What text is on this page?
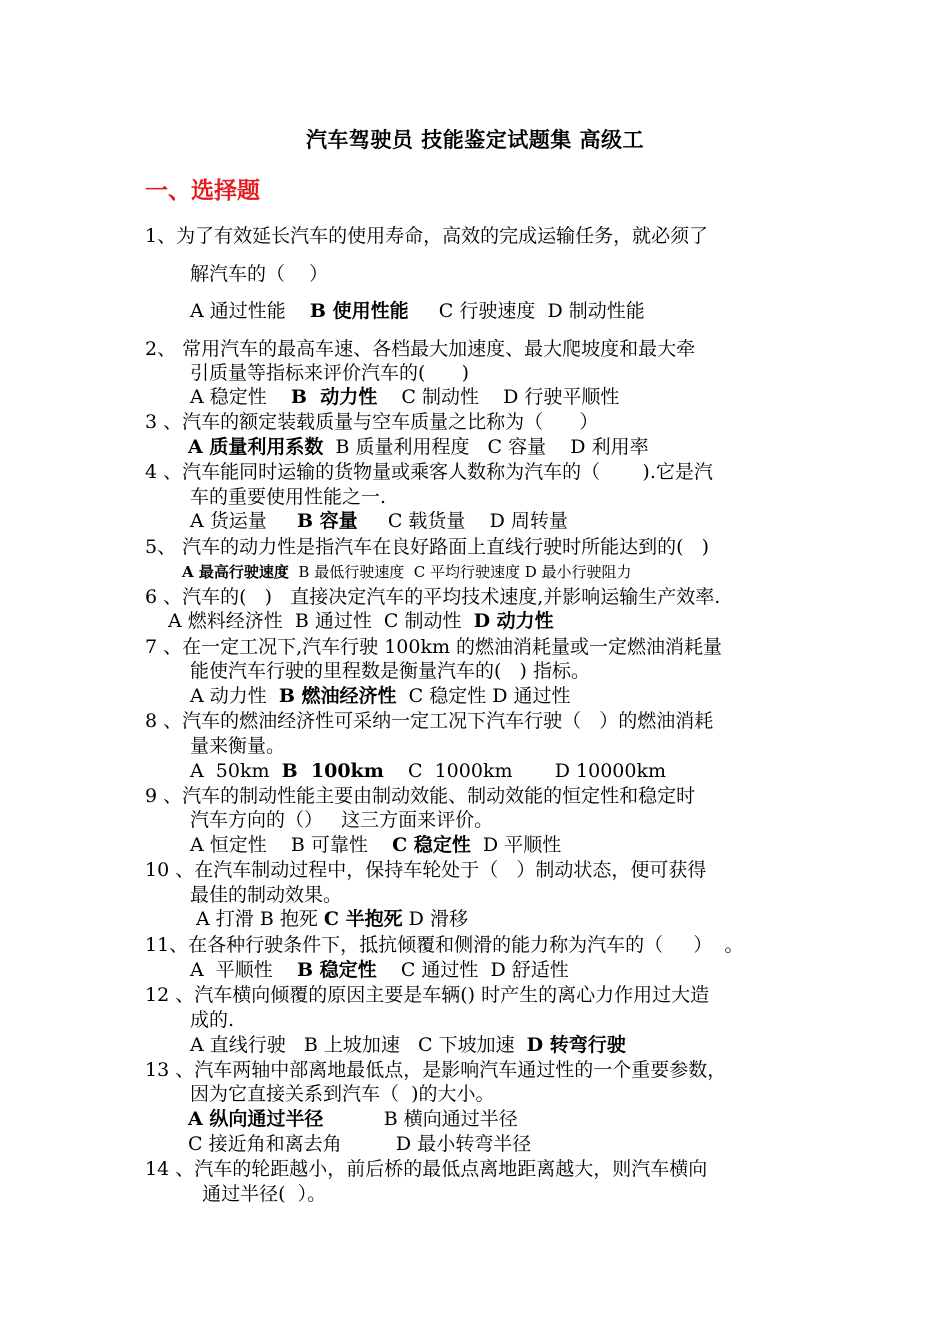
汽车驾驶员 技能鉴定试题集 高级工
一、选择题
1、为了有效延长汽车的使用寿命，高效的完成运输任务，就必须了
解汽车的（    ）
A 通过性能    B 使用性能     C 行驶速度  D 制动性能
2、 常用汽车的最高车速、各档最大加速度、最大爬坡度和最大牵
引质量等指标来评价汽车的(      )
A 稳定性    B  动力性    C 制动性    D 行驶平顺性
3 、汽车的额定装载质量与空车质量之比称为（      ）
A 质量利用系数  B 质量利用程度   C 容量    D 利用率
4 、汽车能同时运输的货物量或乘客人数称为汽车的（       ).它是汽
车的重要使用性能之一.
A 货运量     B 容量     C 载货量    D 周转量
5、 汽车的动力性是指汽车在良好路面上直线行驶时所能达到的(   )
A 最高行驶速度  B 最低行驶速度  C 平均行驶速度 D 最小行驶阻力
6 、汽车的(   )   直接决定汽车的平均技术速度,并影响运输生产效率.
A 燃料经济性  B 通过性  C 制动性  D 动力性
7 、在一定工况下,汽车行驶 100km 的燃油消耗量或一定燃油消耗量
能使汽车行驶的里程数是衡量汽车的(   ) 指标。
A 动力性  B 燃油经济性  C 稳定性 D 通过性
8 、汽车的燃油经济性可采纳一定工况下汽车行驶（   ）的燃油消耗
量来衡量。
A  50km  B  100km    C  1000km       D 10000km
9 、汽车的制动性能主要由制动效能、制动效能的恒定性和稳定时
汽车方向的（）   这三方面来评价。
A 恒定性    B 可靠性    C 稳定性  D 平顺性
10 、在汽车制动过程中，保持车轮处于（   ）制动状态，便可获得
最佳的制动效果。
A 打滑 B 抱死 C 半抱死 D 滑移
11、在各种行驶条件下，抵抗倾覆和侧滑的能力称为汽车的（     ）  。
A  平顺性    B 稳定性    C 通过性  D 舒适性
12 、汽车横向倾覆的原因主要是车辆() 时产生的离心力作用过大造
成的.
A 直线行驶   B 上坡加速   C 下坡加速  D 转弯行驶
13 、汽车两轴中部离地最低点，是影响汽车通过性的一个重要参数，
因为它直接关系到汽车（  )的大小。
A 纵向通过半径          B 横向通过半径
C 接近角和离去角         D 最小转弯半径
14 、汽车的轮距越小，前后桥的最低点离地距离越大，则汽车横向
通过半径(  ）。
